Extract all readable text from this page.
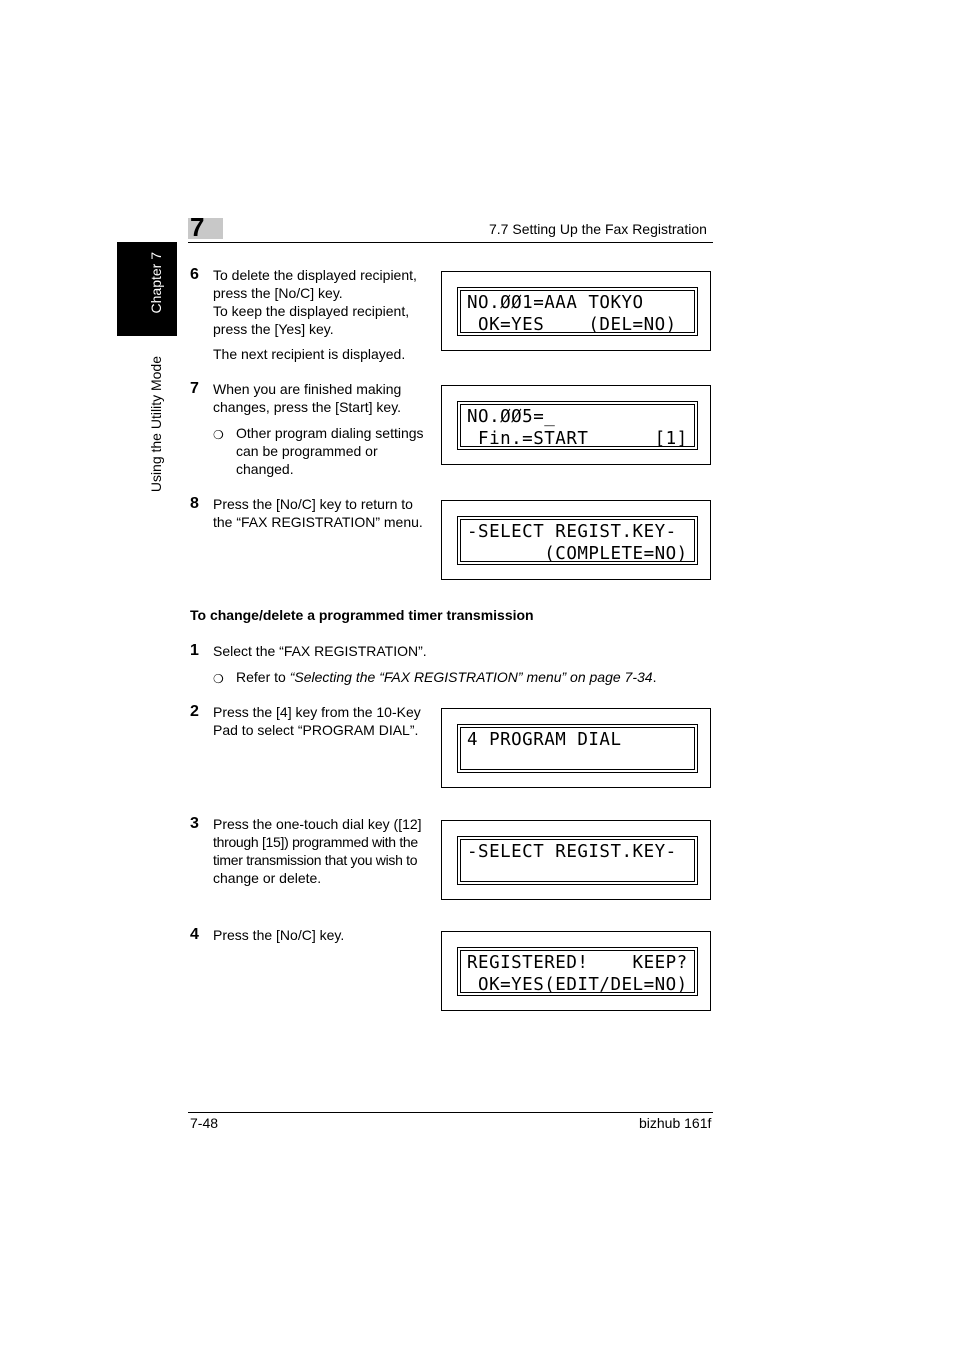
7	7.7 Setting Up the Fax Registration
Chapter 7
Using the Utility Mode
6 To delete the displayed recipient,

press the [No/C] key.

To keep the displayed recipient,

press the [Yes] key.

The next recipient is displayed.
NO.ØØ1=AAA TOKYO
OK=YES    (DEL=NO)
7 When you are finished making

changes, press the [Start] key.

❍ Other program dialing settings

can be programmed or

changed.

NO.ØØ5=_
Fin.=START      [1]
8 Press the [No/C] key to return to

the “FAX REGISTRATION” menu.	-SELECT REGIST.KEY-
(COMPLETE=NO)
To change/delete a programmed timer transmission
1 Select the “FAX REGISTRATION”.
❍ Refer to “Selecting the “FAX REGISTRATION” menu” on page 7-34.
2 Press the [4] key from the 10-Key

Pad to select “PROGRAM DIAL”.	4 PROGRAM DIAL
3 Press the one-touch dial key ([12]

through [15]) programmed with the

timer transmission that you wish to

change or delete.

-SELECT REGIST.KEY-
4 Press the [No/C] key.
REGISTERED!    KEEP?
OK=YES(EDIT/DEL=NO)
7-48	bizhub 161f
